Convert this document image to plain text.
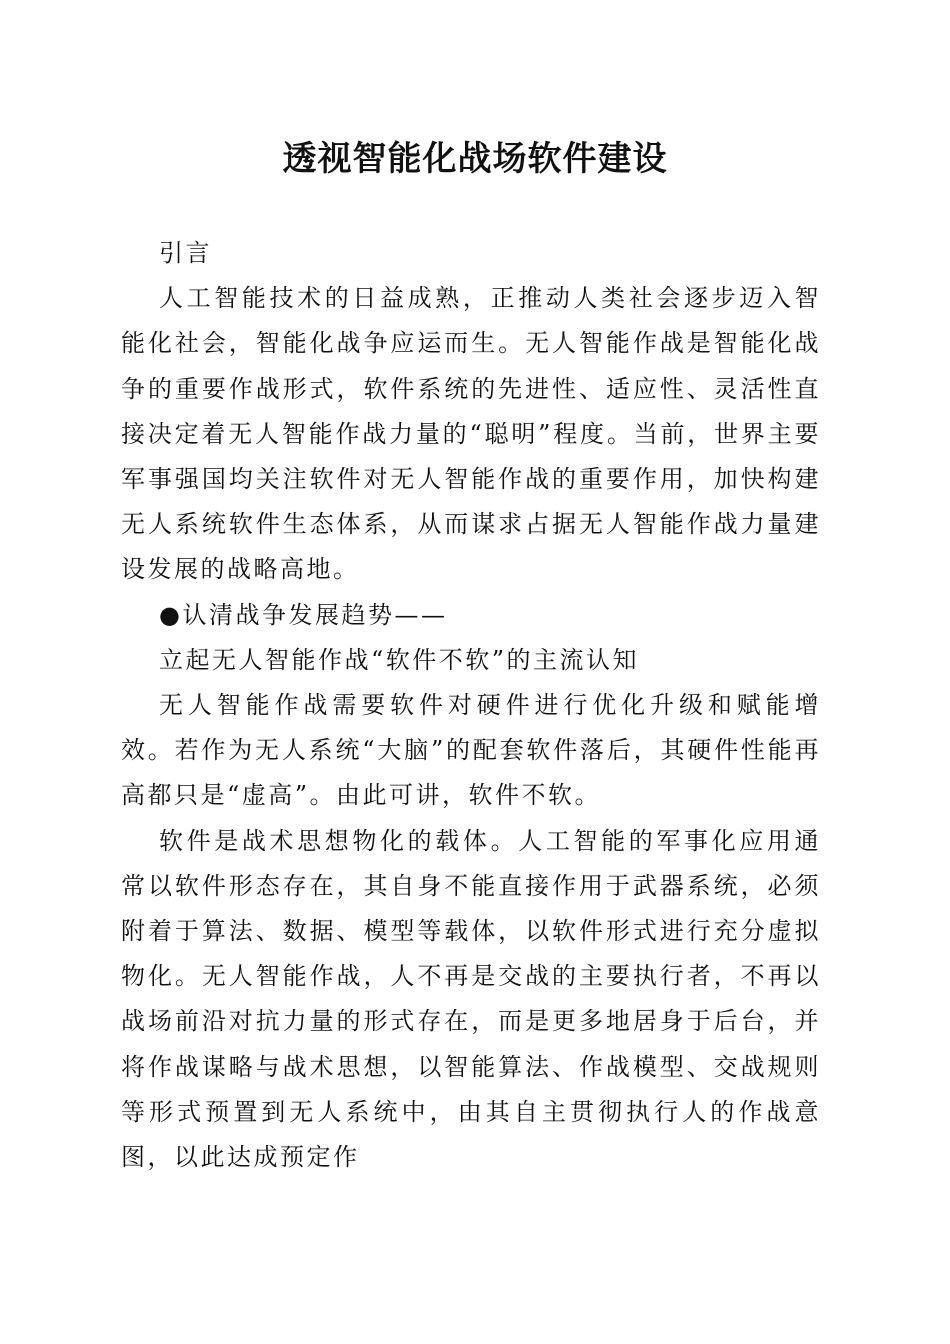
透视智能化战场软件建设

引言

人工智能技术的日益成熟，正推动人类社会逐步迈入智能化社会，智能化战争应运而生。无人智能作战是智能化战争的重要作战形式，软件系统的先进性、适应性、灵活性直接决定着无人智能作战力量的“聪明”程度。当前，世界主要军事强国均关注软件对无人智能作战的重要作用，加快构建无人系统软件生态体系，从而谋求占据无人智能作战力量建设发展的战略高地。

●认清战争发展趋势——

立起无人智能作战“软件不软”的主流认知

无人智能作战需要软件对硬件进行优化升级和赋能增效。若作为无人系统“大脑”的配套软件落后，其硬件性能再高都只是“虚高”。由此可讲，软件不软。

软件是战术思想物化的载体。人工智能的军事化应用通常以软件形态存在，其自身不能直接作用于武器系统，必须附着于算法、数据、模型等载体，以软件形式进行充分虚拟物化。无人智能作战，人不再是交战的主要执行者，不再以战场前沿对抗力量的形式存在，而是更多地居身于后台，并将作战谋略与战术思想，以智能算法、作战模型、交战规则等形式预置到无人系统中，由其自主贯彻执行人的作战意图，以此达成预定作
